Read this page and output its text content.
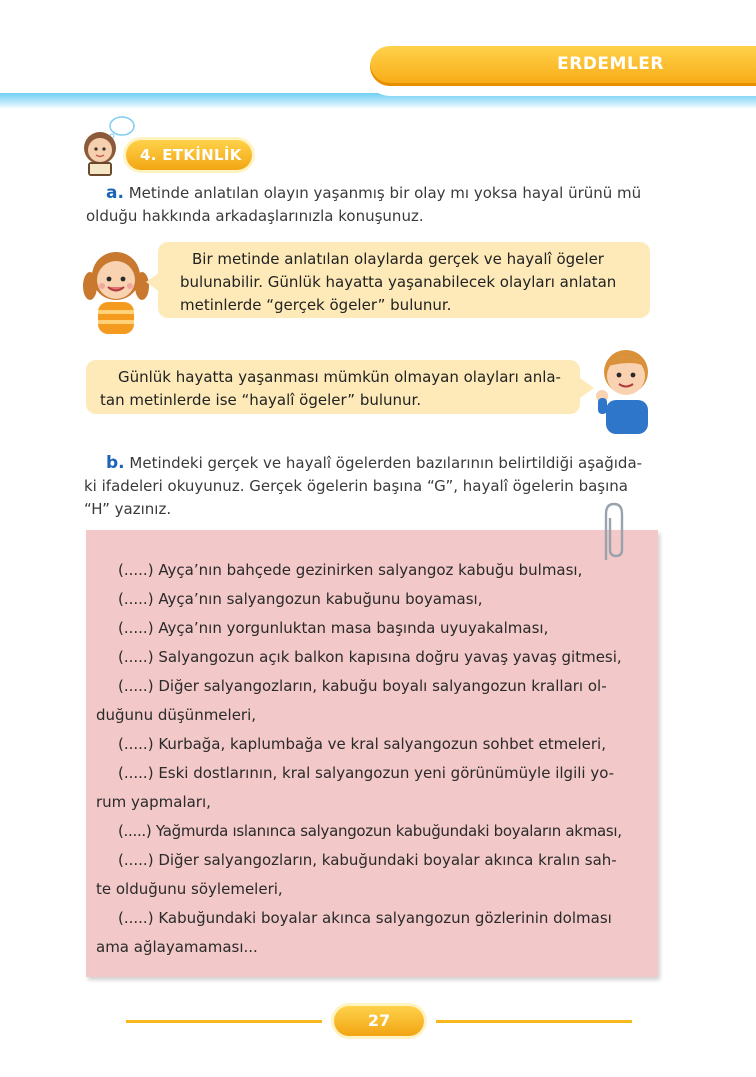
ERDEMLER
4. ETKİNLİK
a. Metinde anlatılan olayın yaşanmış bir olay mı yoksa hayal ürünü mü
olduğu hakkında arkadaşlarınızla konuşunuz.
Bir metinde anlatılan olaylarda gerçek ve hayalî ögeler
bulunabilir. Günlük hayatta yaşanabilecek olayları anlatan
metinlerde “gerçek ögeler” bulunur.
Günlük hayatta yaşanması mümkün olmayan olayları anla-
tan metinlerde ise “hayalî ögeler” bulunur.
b. Metindeki gerçek ve hayalî ögelerden bazılarının belirtildiği aşağıda-
ki ifadeleri okuyunuz. Gerçek ögelerin başına “G”, hayalî ögelerin başına
“H” yazınız.
(.....) Ayça’nın bahçede gezinirken salyangoz kabuğu bulması,
(.....) Ayça’nın salyangozun kabuğunu boyaması,
(.....) Ayça’nın yorgunluktan masa başında uyuyakalması,
(.....) Salyangozun açık balkon kapısına doğru yavaş yavaş gitmesi,
(.....) Diğer salyangozların, kabuğu boyalı salyangozun kralları ol-
duğunu düşünmeleri,
(.....) Kurbağa, kaplumbağa ve kral salyangozun sohbet etmeleri,
(.....) Eski dostlarının, kral salyangozun yeni görünümüyle ilgili yo-
rum yapmaları,
(.....) Yağmurda ıslanınca salyangozun kabuğundaki boyaların akması,
(.....) Diğer salyangozların, kabuğundaki boyalar akınca kralın sah-
te olduğunu söylemeleri,
(.....) Kabuğundaki boyalar akınca salyangozun gözlerinin dolması
ama ağlayamaması...
27
